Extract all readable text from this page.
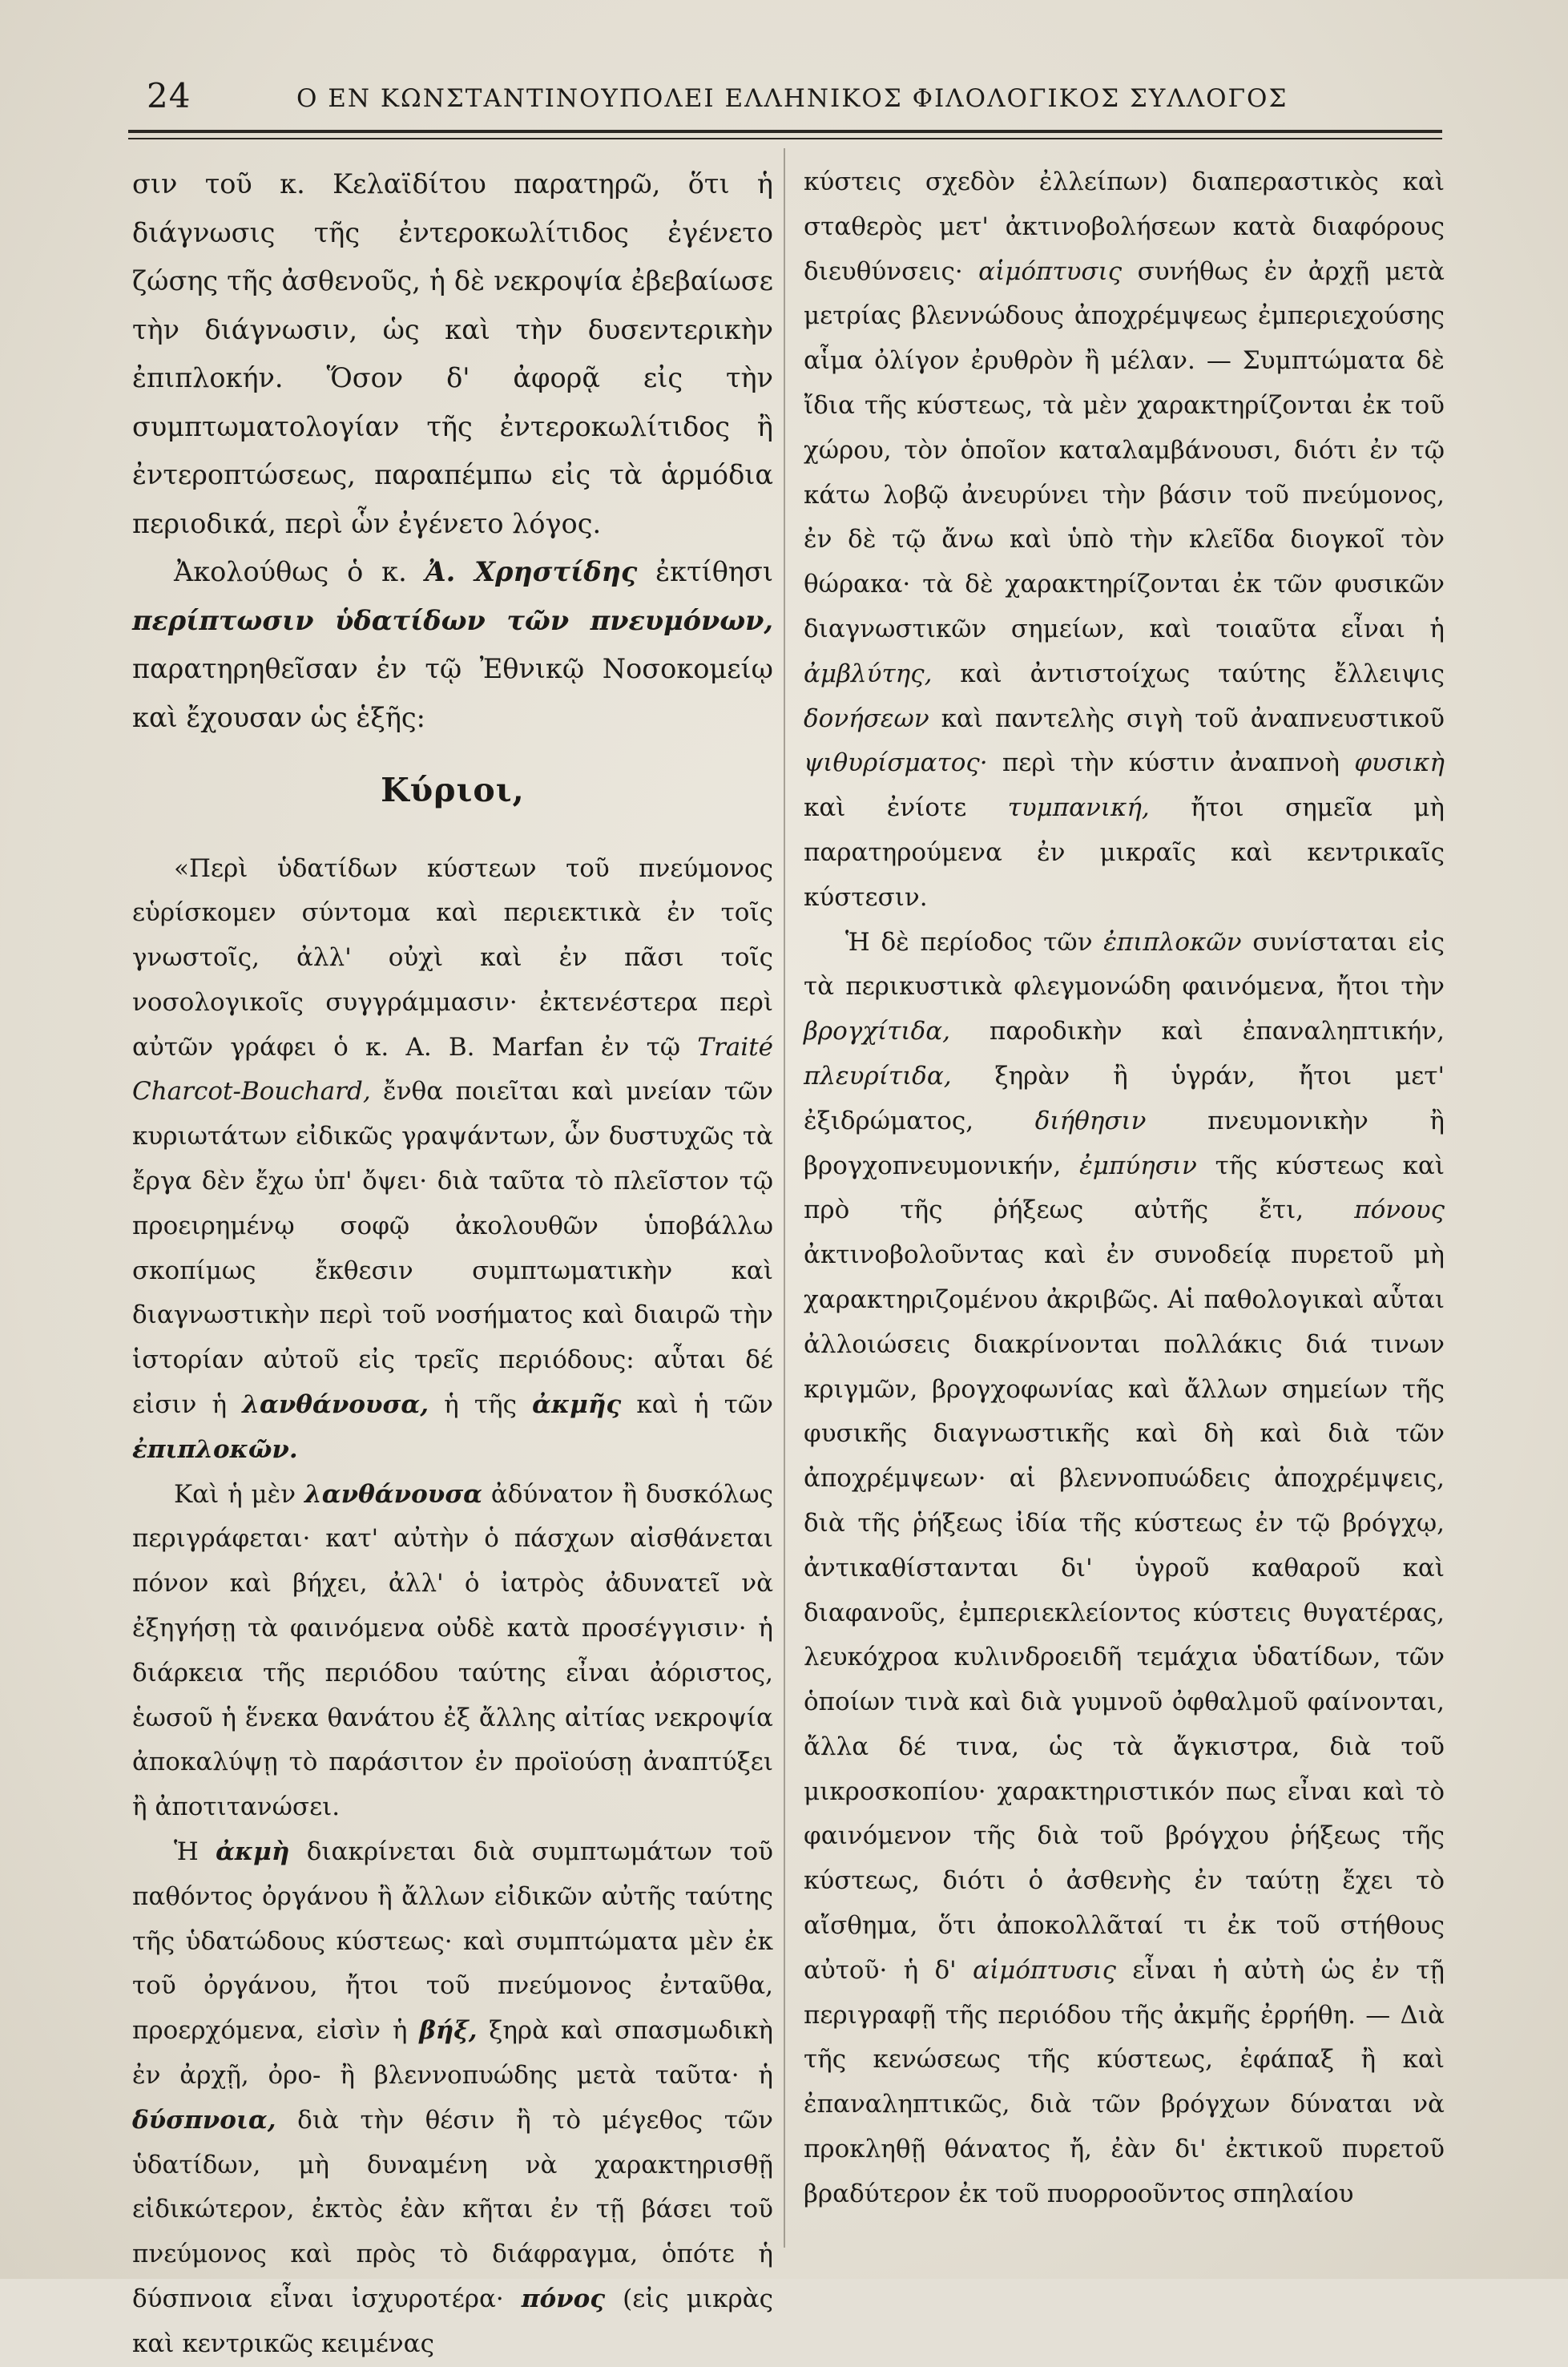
24	Ο ΕΝ ΚΩΝΣΤΑΝΤΙΝΟΥΠΟΛΕΙ ΕΛΛΗΝΙΚΟΣ ΦΙΛΟΛΟΓΙΚΟΣ ΣΥΛΛΟΓΟΣ

σιν τοῦ κ. Κελαϊδίτου παρατηρῶ, ὅτι ἡ διάγνωσις τῆς ἐντεροκωλίτιδος ἐγένετο ζώσης τῆς ἀσθενοῦς, ἡ δὲ νεκροψία ἐβεβαίωσε τὴν διάγνωσιν, ὡς καὶ τὴν δυσεντερικὴν ἐπιπλοκήν. Ὅσον δ' ἀφορᾷ εἰς τὴν συμπτωματολογίαν τῆς ἐντεροκωλίτιδος ἢ ἐντεροπτώσεως, παραπέμπω εἰς τὰ ἁρμόδια περιοδικά, περὶ ὧν ἐγένετο λόγος.

Ἀκολούθως ὁ κ. Ἀ. Χρηστίδης ἐκτίθησι περίπτωσιν ὑδατίδων τῶν πνευμόνων, παρατηρηθεῖσαν ἐν τῷ Ἐθνικῷ Νοσοκομείῳ καὶ ἔχουσαν ὡς ἑξῆς:

Κύριοι,

«Περὶ ὑδατίδων κύστεων τοῦ πνεύμονος εὑρίσκομεν σύντομα καὶ περιεκτικὰ ἐν τοῖς γνωστοῖς, ἀλλ' οὐχὶ καὶ ἐν πᾶσι τοῖς νοσολογικοῖς συγγράμμασιν· ἐκτενέστερα περὶ αὐτῶν γράφει ὁ κ. A. B. Marfan ἐν τῷ Traité Charcot-Bouchard, ἔνθα ποιεῖται καὶ μνείαν τῶν κυριωτάτων εἰδικῶς γραψάντων, ὧν δυστυχῶς τὰ ἔργα δὲν ἔχω ὑπ' ὄψει· διὰ ταῦτα τὸ πλεῖστον τῷ προειρημένῳ σοφῷ ἀκολουθῶν ὑποβάλλω σκοπίμως ἔκθεσιν συμπτωματικὴν καὶ διαγνωστικὴν περὶ τοῦ νοσήματος καὶ διαιρῶ τὴν ἱστορίαν αὐτοῦ εἰς τρεῖς περιόδους: αὗται δέ εἰσιν ἡ λανθάνουσα, ἡ τῆς ἀκμῆς καὶ ἡ τῶν ἐπιπλοκῶν.

Καὶ ἡ μὲν λανθάνουσα ἀδύνατον ἢ δυσκόλως περιγράφεται· κατ' αὐτὴν ὁ πάσχων αἰσθάνεται πόνον καὶ βήχει, ἀλλ' ὁ ἰατρὸς ἀδυνατεῖ νὰ ἐξηγήσῃ τὰ φαινόμενα οὐδὲ κατὰ προσέγγισιν· ἡ διάρκεια τῆς περιόδου ταύτης εἶναι ἀόριστος, ἑωσοῦ ἡ ἕνεκα θανάτου ἐξ ἄλλης αἰτίας νεκροψία ἀποκαλύψῃ τὸ παράσιτον ἐν προϊούσῃ ἀναπτύξει ἢ ἀποτιτανώσει.

Ἡ ἀκμὴ διακρίνεται διὰ συμπτωμάτων τοῦ παθόντος ὀργάνου ἢ ἄλλων εἰδικῶν αὐτῆς ταύτης τῆς ὑδατώδους κύστεως· καὶ συμπτώματα μὲν ἐκ τοῦ ὀργάνου, ἤτοι τοῦ πνεύμονος ἐνταῦθα, προερχόμενα, εἰσὶν ἡ βήξ, ξηρὰ καὶ σπασμωδικὴ ἐν ἀρχῇ, ὀρο- ἢ βλεννοπυώδης μετὰ ταῦτα· ἡ δύσπνοια, διὰ τὴν θέσιν ἢ τὸ μέγεθος τῶν ὑδατίδων, μὴ δυναμένη νὰ χαρακτηρισθῇ εἰδικώτερον, ἐκτὸς ἐὰν κῆται ἐν τῇ βάσει τοῦ πνεύμονος καὶ πρὸς τὸ διάφραγμα, ὁπότε ἡ δύσπνοια εἶναι ἰσχυροτέρα· πόνος (εἰς μικρὰς καὶ κεντρικῶς κειμένας

κύστεις σχεδὸν ἐλλείπων) διαπεραστικὸς καὶ σταθερὸς μετ' ἀκτινοβολήσεων κατὰ διαφόρους διευθύνσεις· αἱμόπτυσις συνήθως ἐν ἀρχῇ μετὰ μετρίας βλεννώδους ἀποχρέμψεως ἐμπεριεχούσης αἷμα ὀλίγον ἐρυθρὸν ἢ μέλαν. — Συμπτώματα δὲ ἴδια τῆς κύστεως, τὰ μὲν χαρακτηρίζονται ἐκ τοῦ χώρου, τὸν ὁποῖον καταλαμβάνουσι, διότι ἐν τῷ κάτω λοβῷ ἀνευρύνει τὴν βάσιν τοῦ πνεύμονος, ἐν δὲ τῷ ἄνω καὶ ὑπὸ τὴν κλεῖδα διογκοῖ τὸν θώρακα· τὰ δὲ χαρακτηρίζονται ἐκ τῶν φυσικῶν διαγνωστικῶν σημείων, καὶ τοιαῦτα εἶναι ἡ ἀμβλύτης, καὶ ἀντιστοίχως ταύτης ἔλλειψις δονήσεων καὶ παντελὴς σιγὴ τοῦ ἀναπνευστικοῦ ψιθυρίσματος· περὶ τὴν κύστιν ἀναπνοὴ φυσικὴ καὶ ἐνίοτε τυμπανική, ἤτοι σημεῖα μὴ παρατηρούμενα ἐν μικραῖς καὶ κεντρικαῖς κύστεσιν.

Ἡ δὲ περίοδος τῶν ἐπιπλοκῶν συνίσταται εἰς τὰ περικυστικὰ φλεγμονώδη φαινόμενα, ἤτοι τὴν βρογχίτιδα, παροδικὴν καὶ ἐπαναληπτικήν, πλευρίτιδα, ξηρὰν ἢ ὑγράν, ἤτοι μετ' ἐξιδρώματος, διήθησιν πνευμονικὴν ἢ βρογχοπνευμονικήν, ἐμπύησιν τῆς κύστεως καὶ πρὸ τῆς ῥήξεως αὐτῆς ἔτι, πόνους ἀκτινοβολοῦντας καὶ ἐν συνοδείᾳ πυρετοῦ μὴ χαρακτηριζομένου ἀκριβῶς. Αἱ παθολογικαὶ αὗται ἀλλοιώσεις διακρίνονται πολλάκις διά τινων κριγμῶν, βρογχοφωνίας καὶ ἄλλων σημείων τῆς φυσικῆς διαγνωστικῆς καὶ δὴ καὶ διὰ τῶν ἀποχρέμψεων· αἱ βλεννοπυώδεις ἀποχρέμψεις, διὰ τῆς ῥήξεως ἰδία τῆς κύστεως ἐν τῷ βρόγχῳ, ἀντικαθίστανται δι' ὑγροῦ καθαροῦ καὶ διαφανοῦς, ἐμπεριεκλείοντος κύστεις θυγατέρας, λευκόχροα κυλινδροειδῆ τεμάχια ὑδατίδων, τῶν ὁποίων τινὰ καὶ διὰ γυμνοῦ ὀφθαλμοῦ φαίνονται, ἄλλα δέ τινα, ὡς τὰ ἄγκιστρα, διὰ τοῦ μικροσκοπίου· χαρακτηριστικόν πως εἶναι καὶ τὸ φαινόμενον τῆς διὰ τοῦ βρόγχου ῥήξεως τῆς κύστεως, διότι ὁ ἀσθενὴς ἐν ταύτῃ ἔχει τὸ αἴσθημα, ὅτι ἀποκολλᾶταί τι ἐκ τοῦ στήθους αὐτοῦ· ἡ δ' αἱμόπτυσις εἶναι ἡ αὐτὴ ὡς ἐν τῇ περιγραφῇ τῆς περιόδου τῆς ἀκμῆς ἐρρήθη. — Διὰ τῆς κενώσεως τῆς κύστεως, ἐφάπαξ ἢ καὶ ἐπαναληπτικῶς, διὰ τῶν βρόγχων δύναται νὰ προκληθῇ θάνατος ἤ, ἐὰν δι' ἐκτικοῦ πυρετοῦ βραδύτερον ἐκ τοῦ πυορροοῦντος σπηλαίου
